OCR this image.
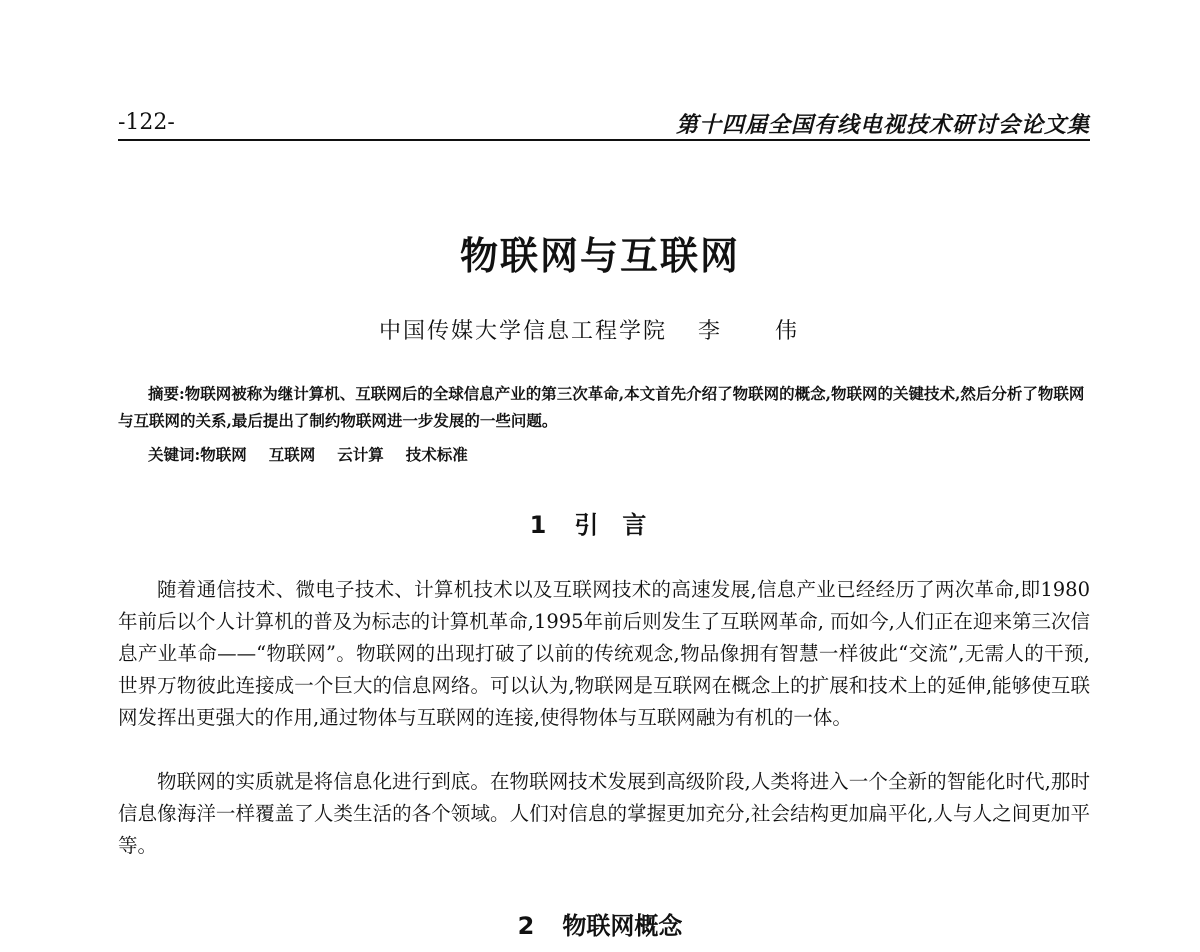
-122-	第十四届全国有线电视技术研讨会论文集
物联网与互联网
中国传媒大学信息工程学院 李 伟

摘要:物联网被称为继计算机、互联网后的全球信息产业的第三次革命,本文首先介绍了物联网的概念,物联网的关键技术,然后分析了物联网与互联网的关系,最后提出了制约物联网进一步发展的一些问题。

关键词:物联网 互联网 云计算 技术标准
1 引言

随着通信技术、微电子技术、计算机技术以及互联网技术的高速发展,信息产业已经经历了两次革命,即1980年前后以个人计算机的普及为标志的计算机革命,1995年前后则发生了互联网革命, 而如今,人们正在迎来第三次信息产业革命——“物联网”。物联网的出现打破了以前的传统观念,物品像拥有智慧一样彼此“交流”,无需人的干预,世界万物彼此连接成一个巨大的信息网络。可以认为,物联网是互联网在概念上的扩展和技术上的延伸,能够使互联网发挥出更强大的作用,通过物体与互联网的连接,使得物体与互联网融为有机的一体。

物联网的实质就是将信息化进行到底。在物联网技术发展到高级阶段,人类将进入一个全新的智能化时代,那时信息像海洋一样覆盖了人类生活的各个领域。人们对信息的掌握更加充分,社会结构更加扁平化,人与人之间更加平等。

2 物联网概念
